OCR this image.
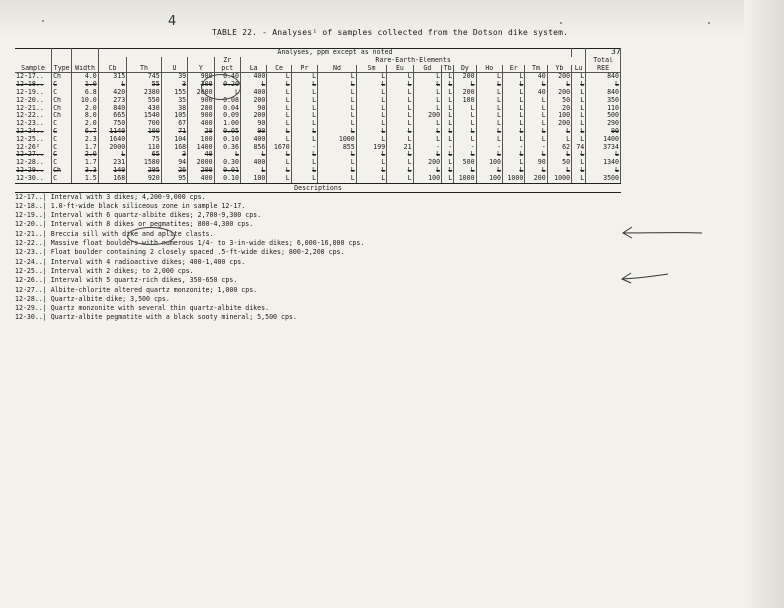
4
TABLE 22. - Analyses¹ of samples collected from the Dotson dike system.
37
			Analyses, ppm except as noted																			
							Zr	Rare-Earth-Elements														Total
Sample	Type	Width	Cb	Th	U	Y	pct	La	Ce	Pr	Nd	Sm	Eu	Gd	Tb	Dy	Ho	Er	Tm	Yb	Lu	REE
12-17..	Ch	4.0	315	745	39	900	0.40	400	L	L	L	L	L	L	L	200	L	L	40	200	L	840
12-18..	C	1.0	L	55	3	200	0.20	L	L	L	L	L	L	L	L	L	L	L	L	L	L	L
12-19..	C	6.8	420	2380	155	2000	L	400	L	L	L	L	L	L	L	200	L	L	40	200	L	840
12-20..	Ch	10.0	273	550	35	900	0.08	200	L	L	L	L	L	L	L	100	L	L	L	50	L	350
12-21..	Ch	2.0	840	430	38	200	0.04	90	L	L	L	L	L	L	L	L	L	L	L	20	L	110
12-22..	Ch	8.0	665	1540	105	900	0.09	200	L	L	L	L	L	200	L	L	L	L	L	100	L	500
12-23..	C	2.0	750	700	67	400	1.00	90	L	L	L	L	L	L	L	L	L	L	L	200	L	290
12-24..	C	6.7	1140	100	71	20	0.05	90	L	L	L	L	L	L	L	L	L	L	L	L	L	90
12-25..	C	2.3	1640	75	104	100	0.10	400	L	L	1000	L	L	L	L	L	L	L	L	L	L	1400
12-26²	C	1.7	2000	110	168	1400	0.36	856	1670	-	855	199	21	-	-	-	-	-	-	62	74	3734
12-27..	C	2.0	L	65	3	40	L	L	L	L	L	L	L	L	L	L	L	L	L	L	L	L
12-28..	C	1.7	231	1580	94	2000	0.30	400	L	L	L	L	L	200	L	500	100	L	90	50	L	1340
12-29..	Ch	3.3	140	295	26	200	0.01	L	L	L	L	L	L	L	L	L	L	L	L	L	L	L
12-30..	C	1.5	168	920	95	400	0.10	100	L	L	L	L	L	100	L	1000	100	1000	200	1000	L	3500
Descriptions
12-17..| Interval with 3 dikes; 4,200-9,000 cps.
12-18..| 1.0-ft-wide black siliceous zone in sample 12-17.
12-19..| Interval with 6 quartz-albite dikes; 2,700-9,300 cps.
12-20..| Interval with 8 dikes or pegmatites; 800-4,300 cps.
12-21..| Breccia sill with dike and aplite clasts.
12-22..| Massive float boulders with numerous 1/4- to 3-in-wide dikes; 6,000-16,000 cps.
12-23..| Float boulder containing 2 closely spaced .5-ft-wide dikes; 800-2,200 cps.
12-24..| Interval with 4 radioactive dikes; 400-1,400 cps.
12-25..| Interval with 2 dikes; to 2,000 cps.
12-26..| Interval with 5 quartz-rich dikes, 350-650 cps.
12-27..| Albite-chlorite altered quartz monzonite; 1,000 cps.
12-28..| Quartz-albite dike; 3,500 cps.
12-29..| Quartz monzonite with several thin quartz-albite dikes.
12-30..| Quartz-albite pegmatite with a black sooty mineral; 5,500 cps.
